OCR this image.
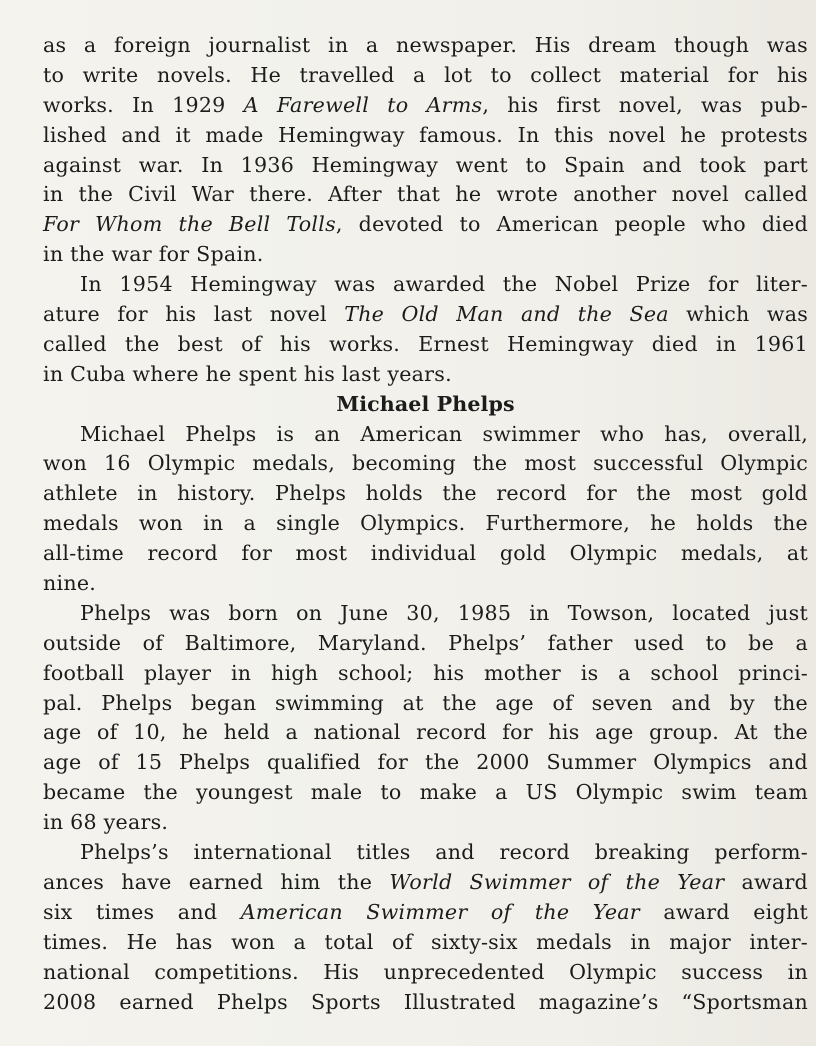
as a foreign journalist in a newspaper. His dream though was
to write novels. He travelled a lot to collect material for his
works. In 1929 A Farewell to Arms, his first novel, was pub-
lished and it made Hemingway famous. In this novel he protests
against war. In 1936 Hemingway went to Spain and took part
in the Civil War there. After that he wrote another novel called
For Whom the Bell Tolls, devoted to American people who died
in the war for Spain.
In 1954 Hemingway was awarded the Nobel Prize for liter-
ature for his last novel The Old Man and the Sea which was
called the best of his works. Ernest Hemingway died in 1961
in Cuba where he spent his last years.
Michael Phelps
Michael Phelps is an American swimmer who has, overall,
won 16 Olympic medals, becoming the most successful Olympic
athlete in history. Phelps holds the record for the most gold
medals won in a single Olympics. Furthermore, he holds the
all-time record for most individual gold Olympic medals, at
nine.
Phelps was born on June 30, 1985 in Towson, located just
outside of Baltimore, Maryland. Phelps’ father used to be a
football player in high school; his mother is a school princi-
pal. Phelps began swimming at the age of seven and by the
age of 10, he held a national record for his age group. At the
age of 15 Phelps qualified for the 2000 Summer Olympics and
became the youngest male to make a US Olympic swim team
in 68 years.
Phelps’s international titles and record breaking perform-
ances have earned him the World Swimmer of the Year award
six times and American Swimmer of the Year award eight
times. He has won a total of sixty-six medals in major inter-
national competitions. His unprecedented Olympic success in
2008 earned Phelps Sports Illustrated magazine’s “Sportsman
